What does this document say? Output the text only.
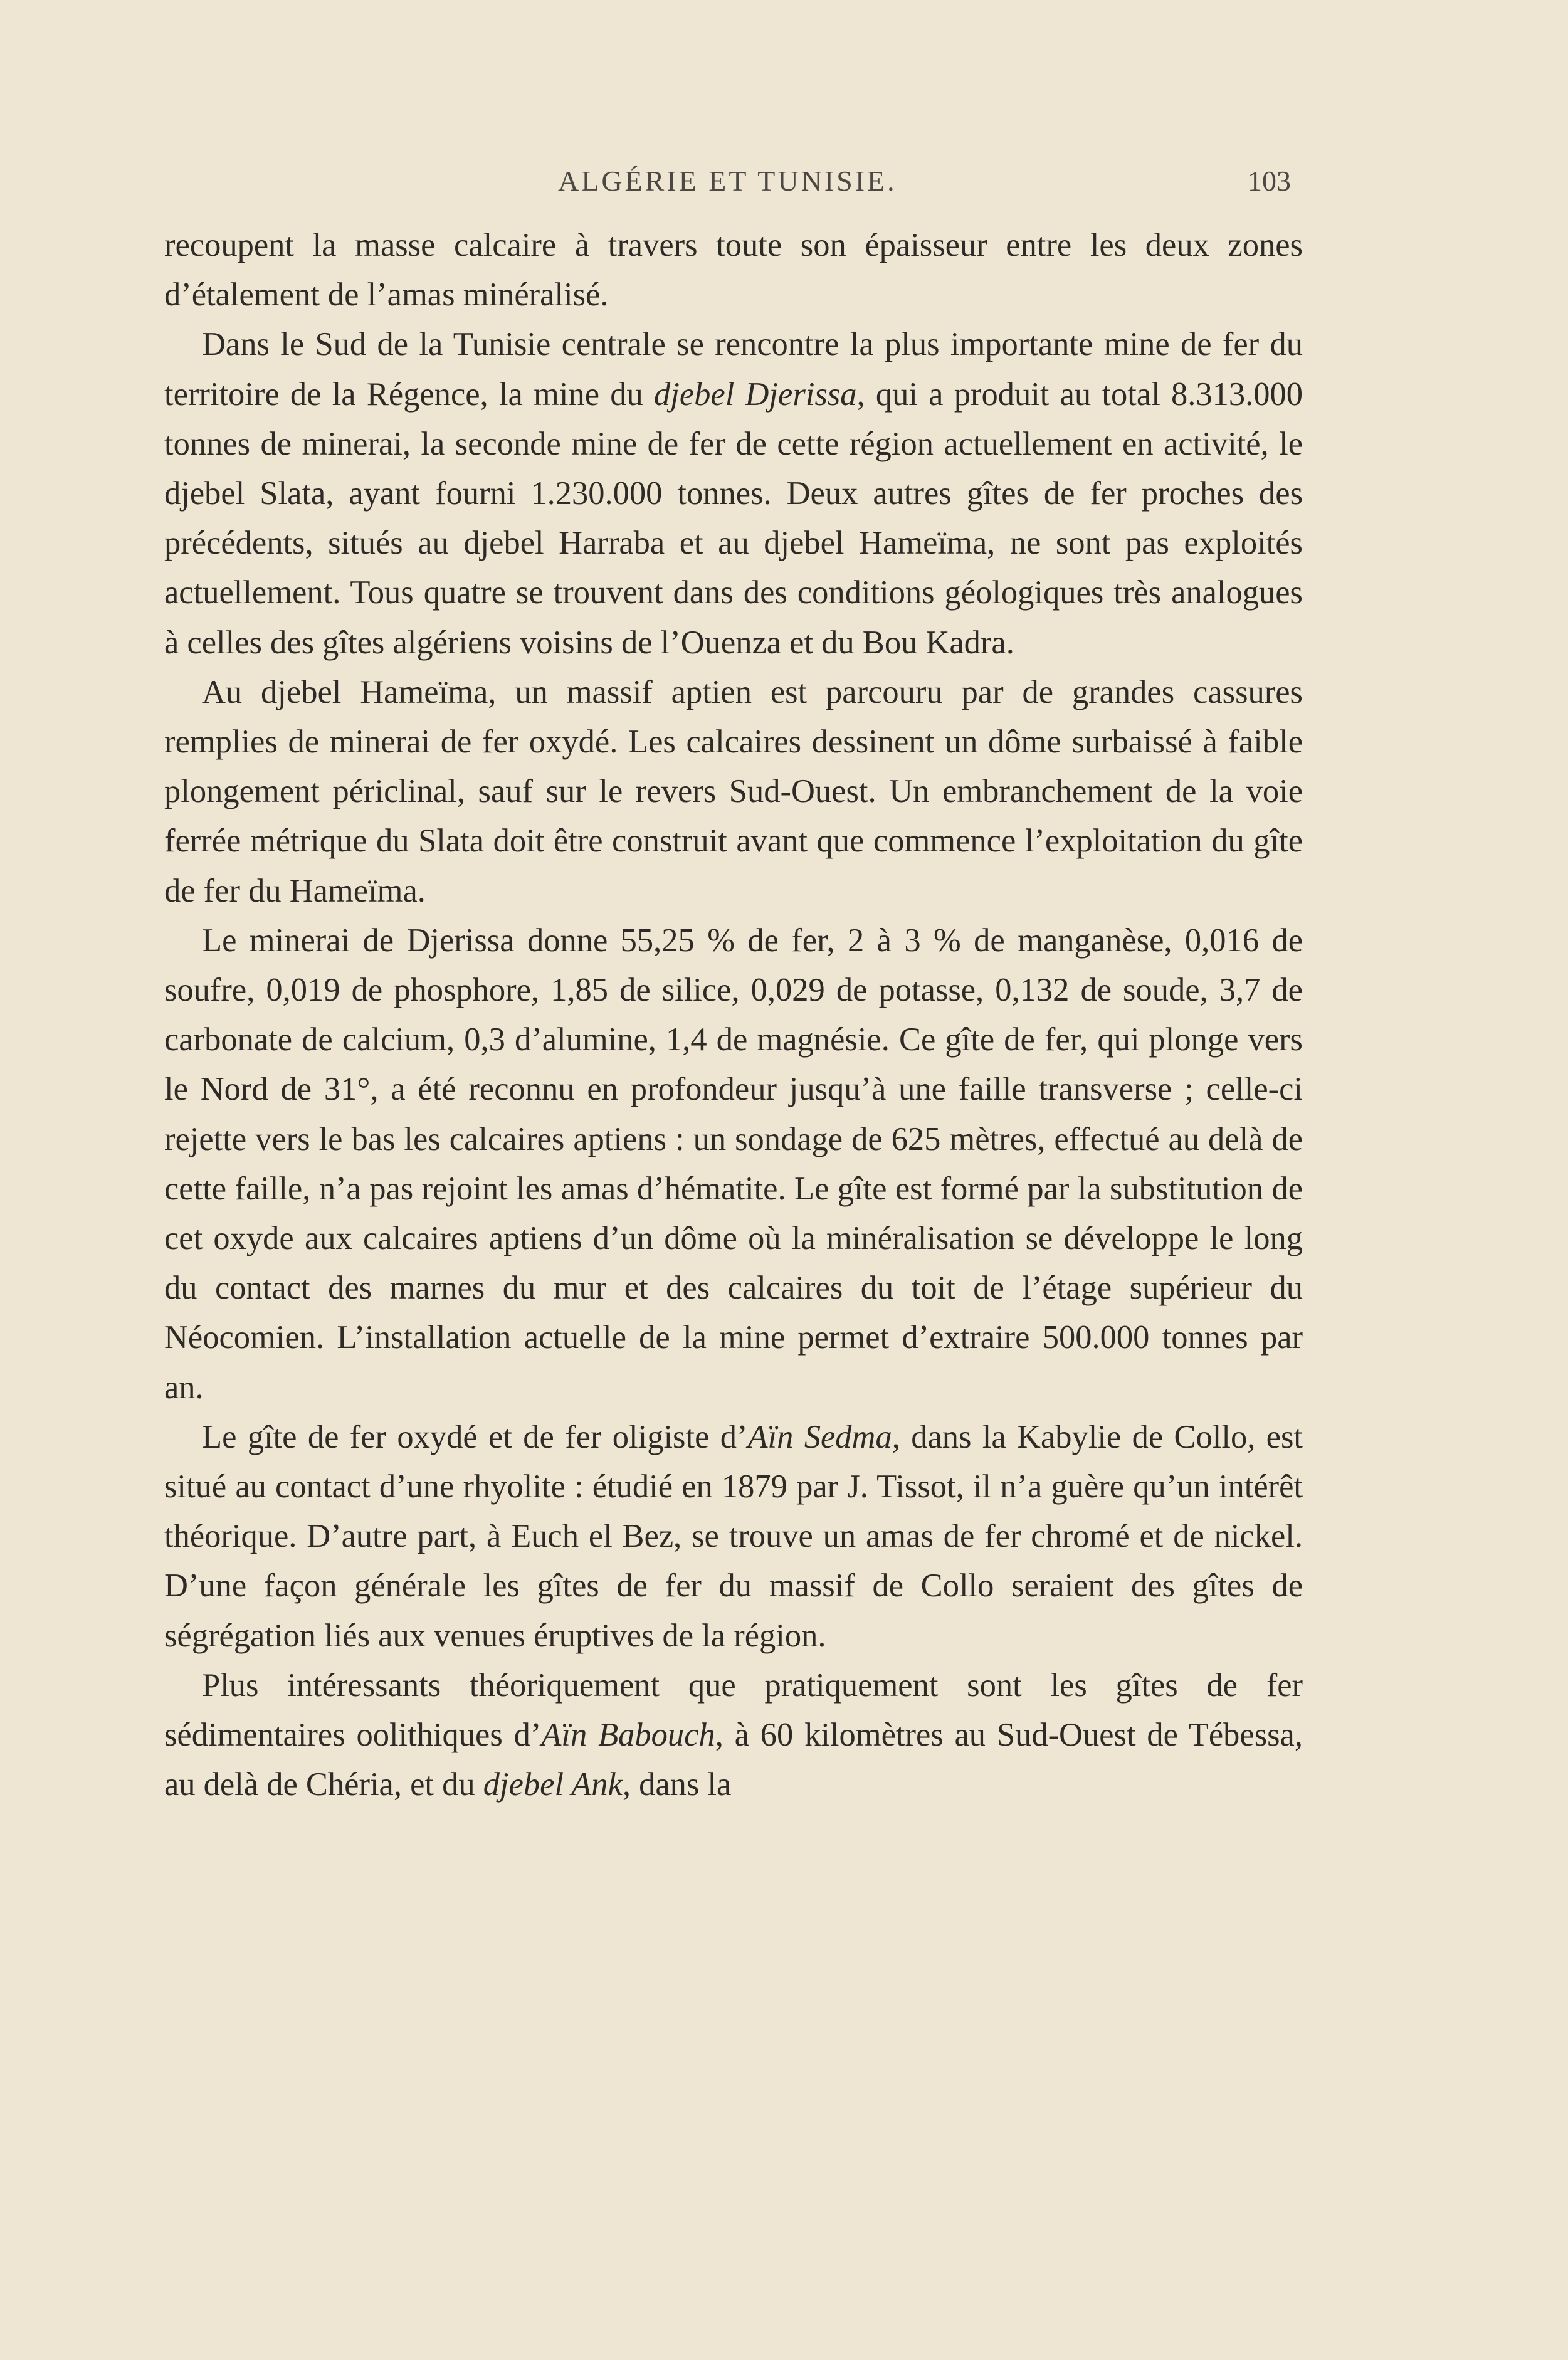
ALGÉRIE ET TUNISIE.	103

recoupent la masse calcaire à travers toute son épaisseur entre les deux zones d’étalement de l’amas minéralisé.

Dans le Sud de la Tunisie centrale se rencontre la plus importante mine de fer du territoire de la Régence, la mine du djebel Djerissa, qui a produit au total 8.313.000 tonnes de minerai, la seconde mine de fer de cette région actuellement en activité, le djebel Slata, ayant fourni 1.230.000 tonnes. Deux autres gîtes de fer proches des précédents, situés au djebel Harraba et au djebel Hameïma, ne sont pas exploités actuellement. Tous quatre se trouvent dans des conditions géologiques très analogues à celles des gîtes algériens voisins de l’Ouenza et du Bou Kadra.

Au djebel Hameïma, un massif aptien est parcouru par de grandes cassures remplies de minerai de fer oxydé. Les calcaires dessinent un dôme surbaissé à faible plongement périclinal, sauf sur le revers Sud-Ouest. Un embranchement de la voie ferrée métrique du Slata doit être construit avant que commence l’exploitation du gîte de fer du Hameïma.

Le minerai de Djerissa donne 55,25 % de fer, 2 à 3 % de manganèse, 0,016 de soufre, 0,019 de phosphore, 1,85 de silice, 0,029 de potasse, 0,132 de soude, 3,7 de carbonate de calcium, 0,3 d’alumine, 1,4 de magnésie. Ce gîte de fer, qui plonge vers le Nord de 31°, a été reconnu en profondeur jusqu’à une faille transverse ; celle-ci rejette vers le bas les calcaires aptiens : un sondage de 625 mètres, effectué au delà de cette faille, n’a pas rejoint les amas d’hématite. Le gîte est formé par la substitution de cet oxyde aux calcaires aptiens d’un dôme où la minéralisation se développe le long du contact des marnes du mur et des calcaires du toit de l’étage supérieur du Néocomien. L’installation actuelle de la mine permet d’extraire 500.000 tonnes par an.

Le gîte de fer oxydé et de fer oligiste d’Aïn Sedma, dans la Kabylie de Collo, est situé au contact d’une rhyolite : étudié en 1879 par J. Tissot, il n’a guère qu’un intérêt théorique. D’autre part, à Euch el Bez, se trouve un amas de fer chromé et de nickel. D’une façon générale les gîtes de fer du massif de Collo seraient des gîtes de ségrégation liés aux venues éruptives de la région.

Plus intéressants théoriquement que pratiquement sont les gîtes de fer sédimentaires oolithiques d’Aïn Babouch, à 60 kilomètres au Sud-Ouest de Tébessa, au delà de Chéria, et du djebel Ank, dans la
